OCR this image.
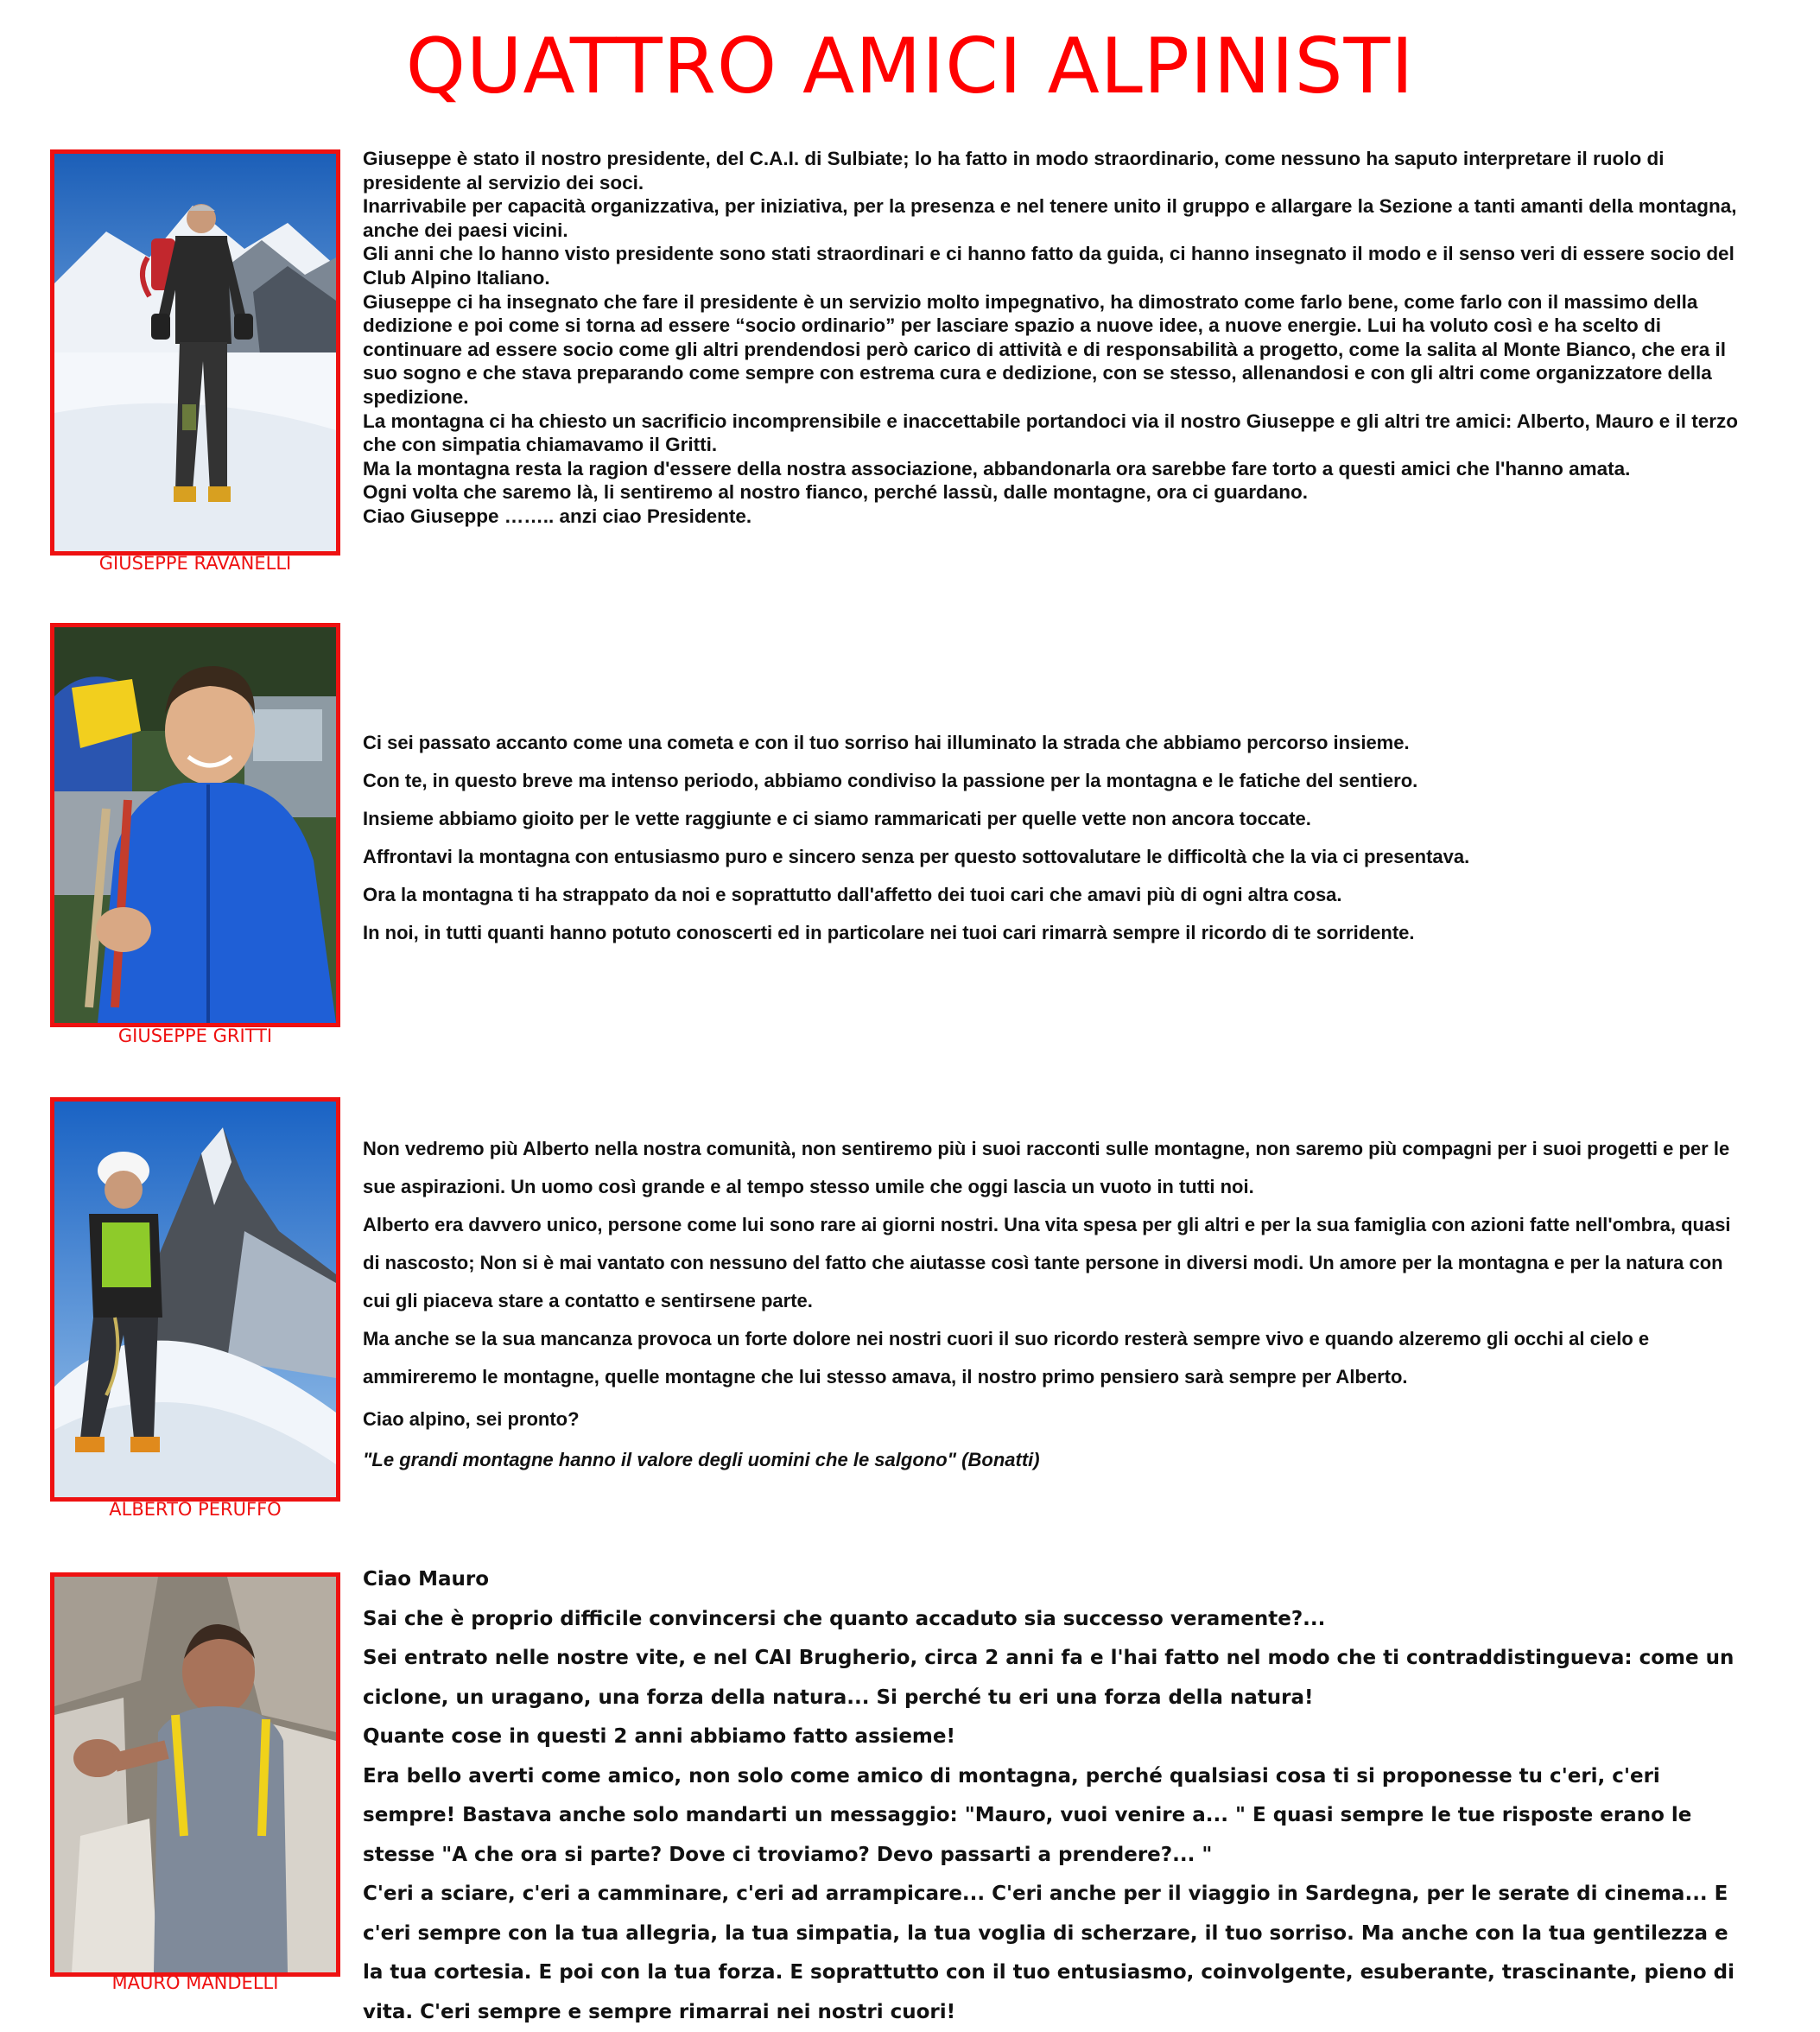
QUATTRO AMICI ALPINISTI
GIUSEPPE RAVANELLI

Giuseppe è stato il nostro presidente, del C.A.I. di Sulbiate; lo ha fatto in modo straordinario, come nessuno ha saputo interpretare il ruolo di presidente al servizio dei soci.

Inarrivabile per capacità organizzativa, per iniziativa, per la presenza e nel tenere unito il gruppo e allargare la Sezione a tanti amanti della montagna, anche dei paesi vicini.

Gli anni che lo hanno visto presidente sono stati straordinari e ci hanno fatto da guida, ci hanno insegnato il modo e il senso veri di essere socio del Club Alpino Italiano.

Giuseppe ci ha insegnato che fare il presidente è un servizio molto impegnativo, ha dimostrato come farlo bene, come farlo con il massimo della dedizione e poi come si torna ad essere “socio ordinario” per lasciare spazio a nuove idee, a nuove energie. Lui ha voluto così e ha scelto di continuare ad essere socio come gli altri prendendosi però carico di attività e di responsabilità a progetto, come la salita al Monte Bianco, che era il suo sogno e che stava preparando come sempre con estrema cura e dedizione, con se stesso, allenandosi e con gli altri come organizzatore della spedizione.

La montagna ci ha chiesto un sacrificio incomprensibile e inaccettabile portandoci via il nostro Giuseppe e gli altri tre amici: Alberto, Mauro e il terzo che con simpatia chiamavamo il Gritti.

Ma la montagna resta la ragion d'essere della nostra associazione, abbandonarla ora sarebbe fare torto a questi amici che l'hanno amata.

Ogni volta che saremo là, li sentiremo al nostro fianco, perché lassù, dalle montagne, ora ci guardano.

Ciao Giuseppe …….. anzi ciao Presidente.

GIUSEPPE GRITTI

Ci sei passato accanto come una cometa e con il tuo sorriso hai illuminato la strada che abbiamo percorso insieme.

Con te, in questo breve ma intenso periodo, abbiamo condiviso la passione per la montagna e le fatiche del sentiero.

Insieme abbiamo gioito per le vette raggiunte e ci siamo rammaricati per quelle vette non ancora toccate.

Affrontavi la montagna con entusiasmo puro e sincero senza per questo sottovalutare le difficoltà che la via ci presentava.

Ora la montagna ti ha strappato da noi e soprattutto dall'affetto dei tuoi cari che amavi più di ogni altra cosa.

In noi, in tutti quanti hanno potuto conoscerti ed in particolare nei tuoi cari rimarrà sempre il ricordo di te sorridente.

ALBERTO PERUFFO

Non vedremo più Alberto nella nostra comunità, non sentiremo più i suoi racconti sulle montagne, non saremo più compagni per i suoi progetti e per le sue aspirazioni. Un uomo così grande e al tempo stesso umile che oggi lascia un vuoto in tutti noi.

Alberto era davvero unico, persone come lui sono rare ai giorni nostri. Una vita spesa per gli altri e per la sua famiglia con azioni fatte nell'ombra, quasi di nascosto; Non si è mai vantato con nessuno del fatto che aiutasse così tante persone in diversi modi. Un amore per la montagna e per la natura con cui gli piaceva stare a contatto e sentirsene parte.

Ma anche se la sua mancanza provoca un forte dolore nei nostri cuori il suo ricordo resterà sempre vivo e quando alzeremo gli occhi al cielo e ammireremo le montagne, quelle montagne che lui stesso amava, il nostro primo pensiero sarà sempre per Alberto.

Ciao alpino, sei pronto?

"Le grandi montagne hanno il valore degli uomini che le salgono" (Bonatti)

MAURO MANDELLI

Ciao Mauro

Sai che è proprio difficile convincersi che quanto accaduto sia successo veramente?...

Sei entrato nelle nostre vite, e nel CAI Brugherio, circa 2 anni fa e l'hai fatto nel modo che ti contraddistingueva: come un ciclone, un uragano, una forza della natura... Si perché tu eri una forza della natura!

Quante cose in questi 2 anni abbiamo fatto assieme!

Era bello averti come amico, non solo come amico di montagna, perché qualsiasi cosa ti si proponesse tu c'eri, c'eri sempre! Bastava anche solo mandarti un messaggio: "Mauro, vuoi venire a... " E quasi sempre le tue risposte erano le stesse "A che ora si parte? Dove ci troviamo? Devo passarti a prendere?... "

C'eri a sciare, c'eri a camminare, c'eri ad arrampicare... C'eri anche per il viaggio in Sardegna, per le serate di cinema... E c'eri sempre con la tua allegria, la tua simpatia, la tua voglia di scherzare, il tuo sorriso. Ma anche con la tua gentilezza e la tua cortesia. E poi con la tua forza. E soprattutto con il tuo entusiasmo, coinvolgente, esuberante, trascinante, pieno di vita. C'eri sempre e sempre rimarrai nei nostri cuori!
